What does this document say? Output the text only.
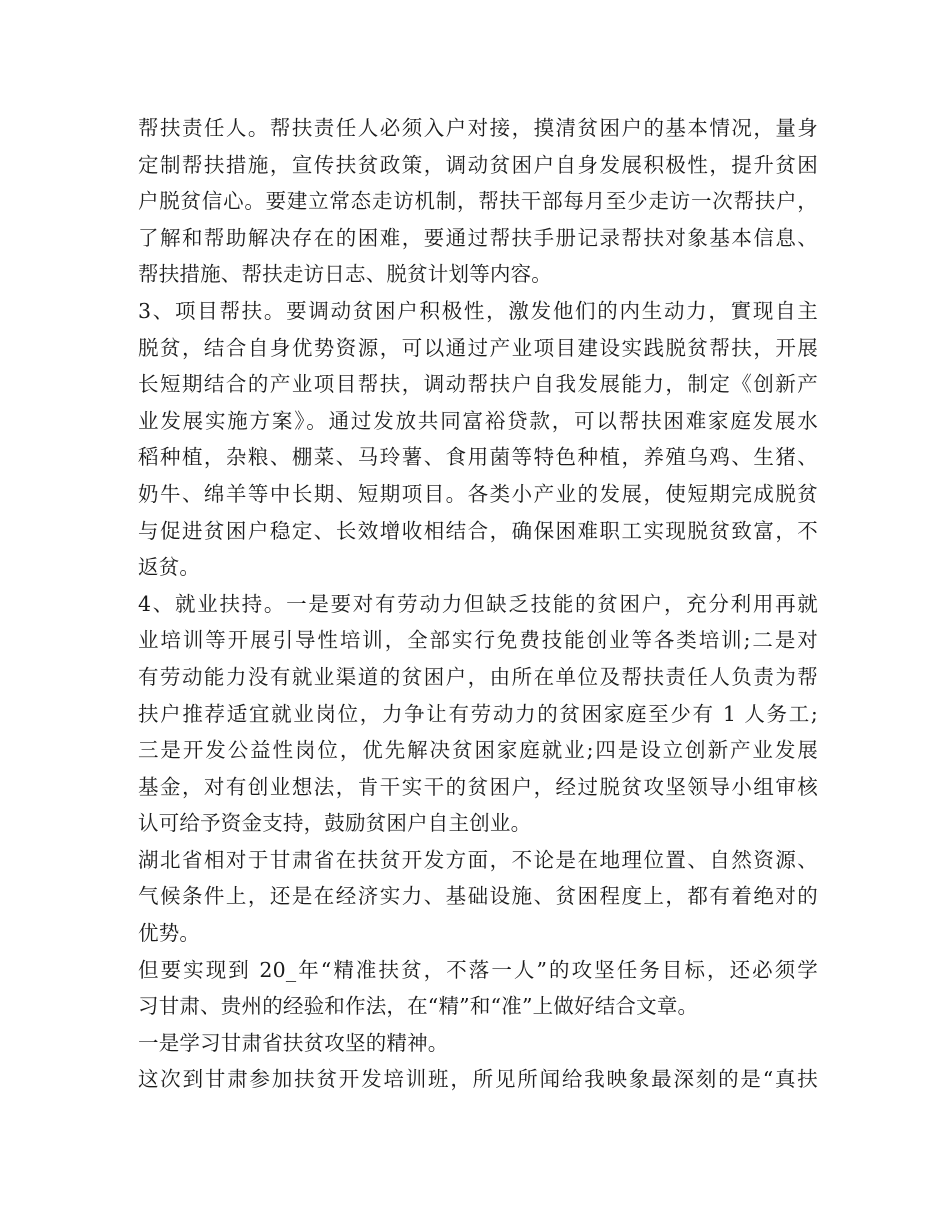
帮扶责任人。帮扶责任人必须入户对接，摸清贫困户的基本情况，量身
定制帮扶措施，宣传扶贫政策，调动贫困户自身发展积极性，提升贫困
户脱贫信心。要建立常态走访机制，帮扶干部每月至少走访一次帮扶户，
了解和帮助解决存在的困难，要通过帮扶手册记录帮扶对象基本信息、
帮扶措施、帮扶走访日志、脱贫计划等内容。
3、项目帮扶。要调动贫困户积极性，激发他们的内生动力，實现自主
脱贫，结合自身优势资源，可以通过产业项目建设实践脱贫帮扶，开展
长短期结合的产业项目帮扶，调动帮扶户自我发展能力，制定《创新产
业发展实施方案》。通过发放共同富裕贷款，可以帮扶困难家庭发展水
稻种植，杂粮、棚菜、马玲薯、食用菌等特色种植，养殖乌鸡、生猪、
奶牛、绵羊等中长期、短期项目。各类小产业的发展，使短期完成脱贫
与促进贫困户稳定、长效增收相结合，确保困难职工实现脱贫致富，不
返贫。
4、就业扶持。一是要对有劳动力但缺乏技能的贫困户，充分利用再就
业培训等开展引导性培训，全部实行免费技能创业等各类培训;二是对
有劳动能力没有就业渠道的贫困户，由所在单位及帮扶责任人负责为帮
扶户推荐适宜就业岗位，力争让有劳动力的贫困家庭至少有 1 人务工;
三是开发公益性岗位，优先解决贫困家庭就业;四是设立创新产业发展
基金，对有创业想法，肯干实干的贫困户，经过脱贫攻坚领导小组审核
认可给予资金支持，鼓励贫困户自主创业。
湖北省相对于甘肃省在扶贫开发方面，不论是在地理位置、自然资源、
气候条件上，还是在经济实力、基础设施、贫困程度上，都有着绝对的
优势。
但要实现到 20_年“精准扶贫，不落一人”的攻坚任务目标，还必须学
习甘肃、贵州的经验和作法，在“精”和“准”上做好结合文章。
一是学习甘肃省扶贫攻坚的精神。
这次到甘肃参加扶贫开发培训班，所见所闻给我映象最深刻的是“真扶
